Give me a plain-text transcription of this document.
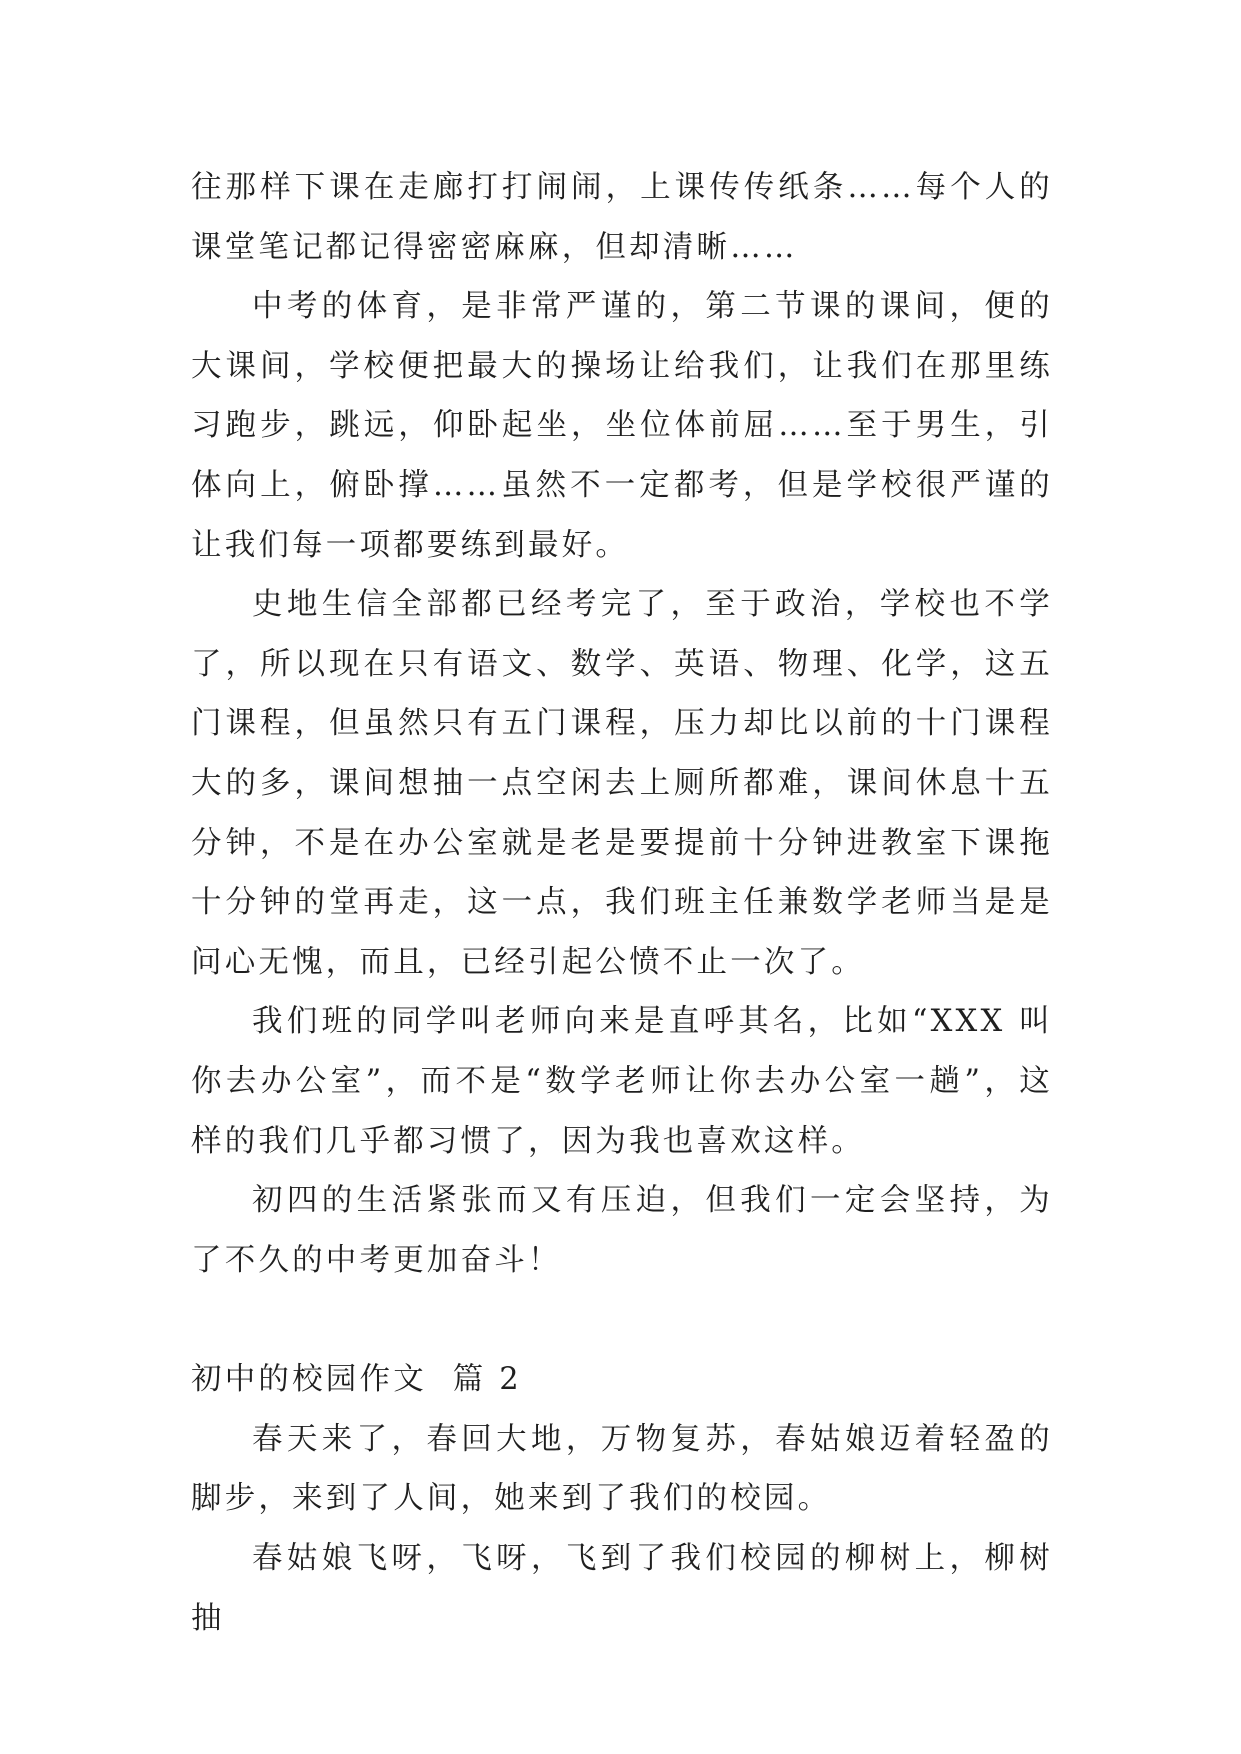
往那样下课在走廊打打闹闹，上课传传纸条……每个人的课堂笔记都记得密密麻麻，但却清晰……

中考的体育，是非常严谨的，第二节课的课间，便的大课间，学校便把最大的操场让给我们，让我们在那里练习跑步，跳远，仰卧起坐，坐位体前屈……至于男生，引体向上，俯卧撑……虽然不一定都考，但是学校很严谨的让我们每一项都要练到最好。

史地生信全部都已经考完了，至于政治，学校也不学了，所以现在只有语文、数学、英语、物理、化学，这五门课程，但虽然只有五门课程，压力却比以前的十门课程大的多，课间想抽一点空闲去上厕所都难，课间休息十五分钟，不是在办公室就是老是要提前十分钟进教室下课拖十分钟的堂再走，这一点，我们班主任兼数学老师当是是问心无愧，而且，已经引起公愤不止一次了。

我们班的同学叫老师向来是直呼其名，比如“XXX 叫你去办公室”，而不是“数学老师让你去办公室一趟”，这样的我们几乎都习惯了，因为我也喜欢这样。

初四的生活紧张而又有压迫，但我们一定会坚持，为了不久的中考更加奋斗！

初中的校园作文  篇 2

春天来了，春回大地，万物复苏，春姑娘迈着轻盈的脚步，来到了人间，她来到了我们的校园。

春姑娘飞呀，飞呀，飞到了我们校园的柳树上，柳树抽
